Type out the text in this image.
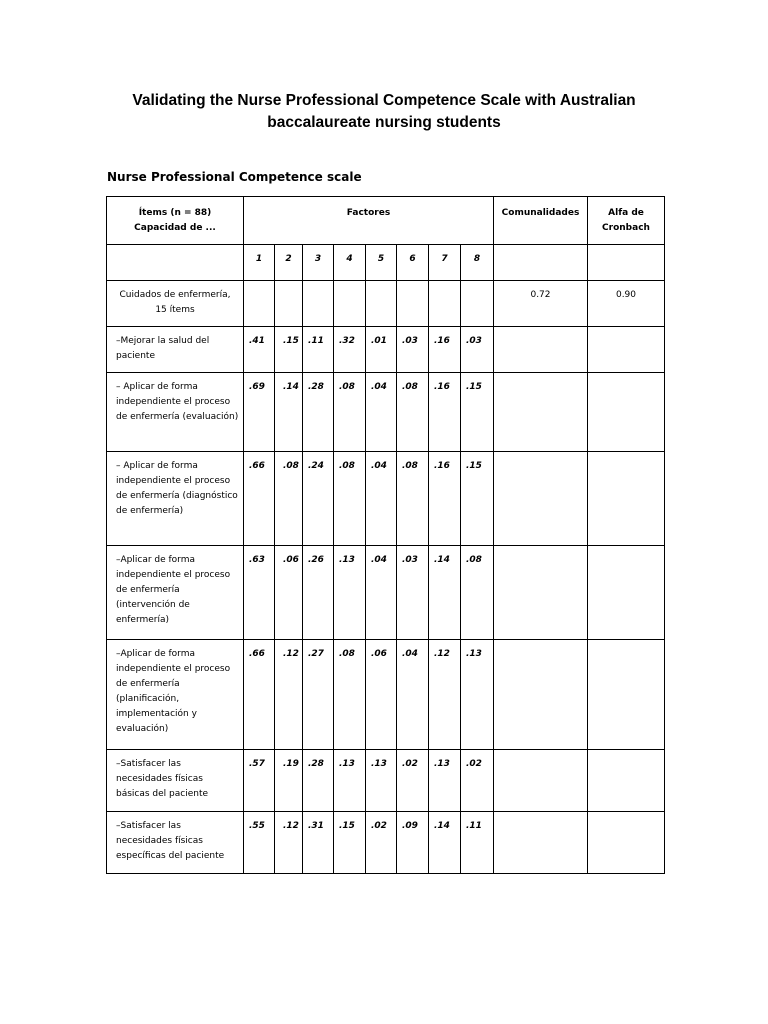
Validating the Nurse Professional Competence Scale with Australian
baccalaureate nursing students
Nurse Professional Competence scale
Ítems (n = 88)
Capacidad de ...	Factores								Comunalidades	Alfa de
Cronbach

	1	2	3	4	5	6	7	8		

Cuidados de enfermería,
15 ítems									0.72	0.90
–Mejorar la salud del paciente	.41	.15	.11	.32	.01	.03	.16	.03		
– Aplicar de forma independiente el proceso de enfermería (evaluación)	.69	.14	.28	.08	.04	.08	.16	.15		
– Aplicar de forma independiente el proceso de enfermería (diagnóstico de enfermería)	.66	.08	.24	.08	.04	.08	.16	.15		
–Aplicar de forma independiente el proceso de enfermería (intervención de enfermería)	.63	.06	.26	.13	.04	.03	.14	.08		
–Aplicar de forma independiente el proceso de enfermería (planificación, implementación y evaluación)	.66	.12	.27	.08	.06	.04	.12	.13		
–Satisfacer las necesidades físicas básicas del paciente	.57	.19	.28	.13	.13	.02	.13	.02		
–Satisfacer las necesidades físicas específicas del paciente	.55	.12	.31	.15	.02	.09	.14	.11		
